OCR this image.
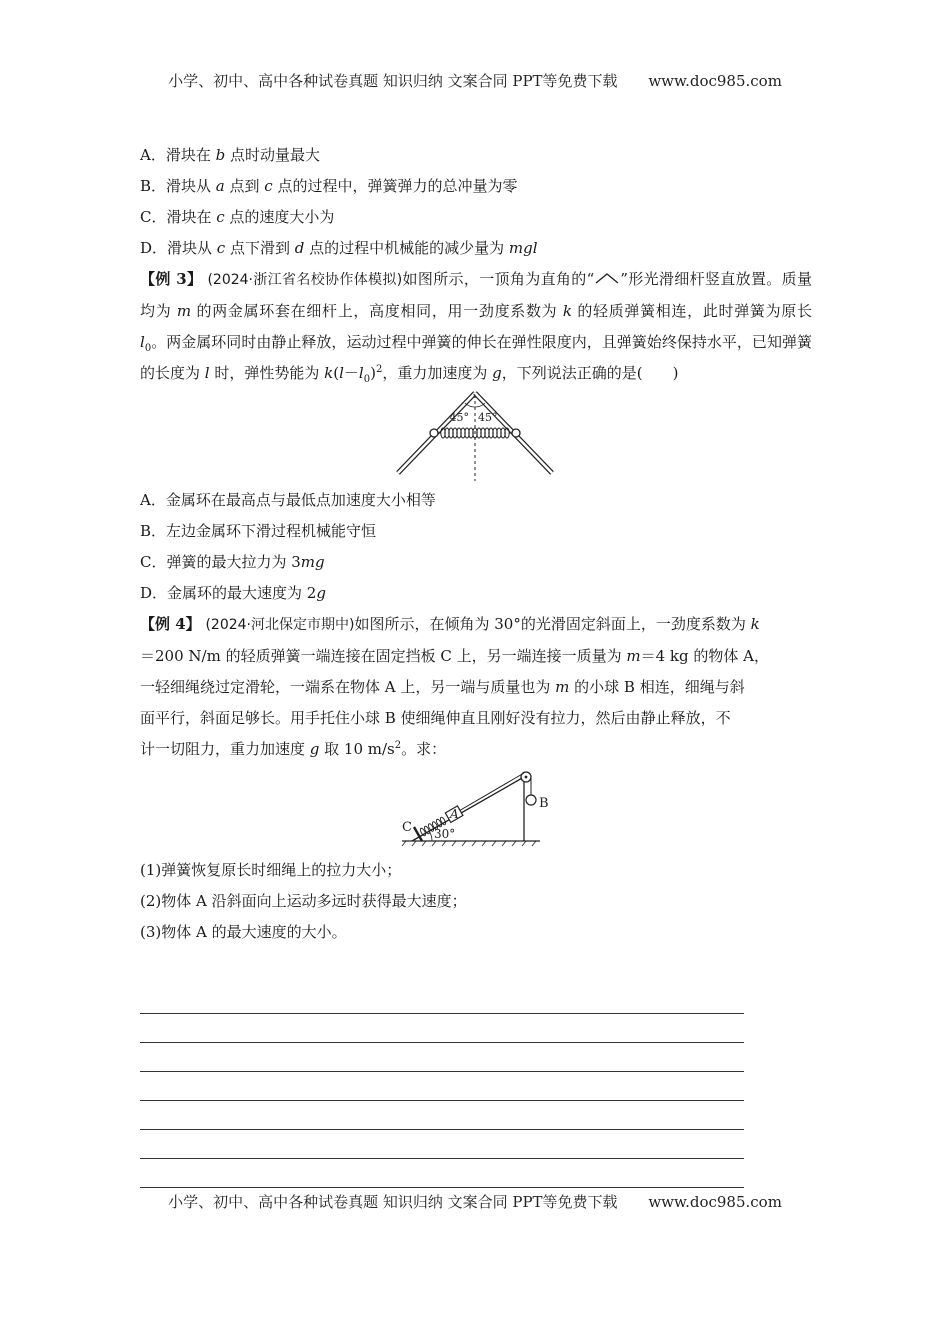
小学、初中、高中各种试卷真题 知识归纳 文案合同 PPT等免费下载 www.doc985.com

A．滑块在 b 点时动量最大

B．滑块从 a 点到 c 点的过程中，弹簧弹力的总冲量为零

C．滑块在 c 点的速度大小为

D．滑块从 c 点下滑到 d 点的过程中机械能的减少量为 mgl

【例 3】 (2024·浙江省名校协作体模拟)如图所示，一顶角为直角的“ ”形光滑细杆竖直放置。质量均为 m 的两金属环套在细杆上，高度相同，用一劲度系数为 k 的轻质弹簧相连，此时弹簧为原长 $l_0$。两金属环同时由静止释放，运动过程中弹簧的伸长在弹性限度内，且弹簧始终保持水平，已知弹簧的长度为 l 时，弹性势能为 $k(l-l_0)^2$，重力加速度为 g，下列说法正确的是(　　)

45° 45°

A．金属环在最高点与最低点加速度大小相等

B．左边金属环下滑过程机械能守恒

C．弹簧的最大拉力为 3mg

D．金属环的最大速度为 2g

【例 4】 (2024·河北保定市期中)如图所示，在倾角为 30°的光滑固定斜面上，一劲度系数为 k

＝200 N/m 的轻质弹簧一端连接在固定挡板 C 上，另一端连接一质量为 m＝4 kg 的物体 A，

一轻细绳绕过定滑轮，一端系在物体 A 上，另一端与质量也为 m 的小球 B 相连，细绳与斜

面平行，斜面足够长。用手托住小球 B 使细绳伸直且刚好没有拉力，然后由静止释放，不

计一切阻力，重力加速度 g 取 10 $m/s^2$。求：

B
C
A
30°

(1)弹簧恢复原长时细绳上的拉力大小；

(2)物体 A 沿斜面向上运动多远时获得最大速度；

(3)物体 A 的最大速度的大小。

小学、初中、高中各种试卷真题 知识归纳 文案合同 PPT等免费下载 www.doc985.com
